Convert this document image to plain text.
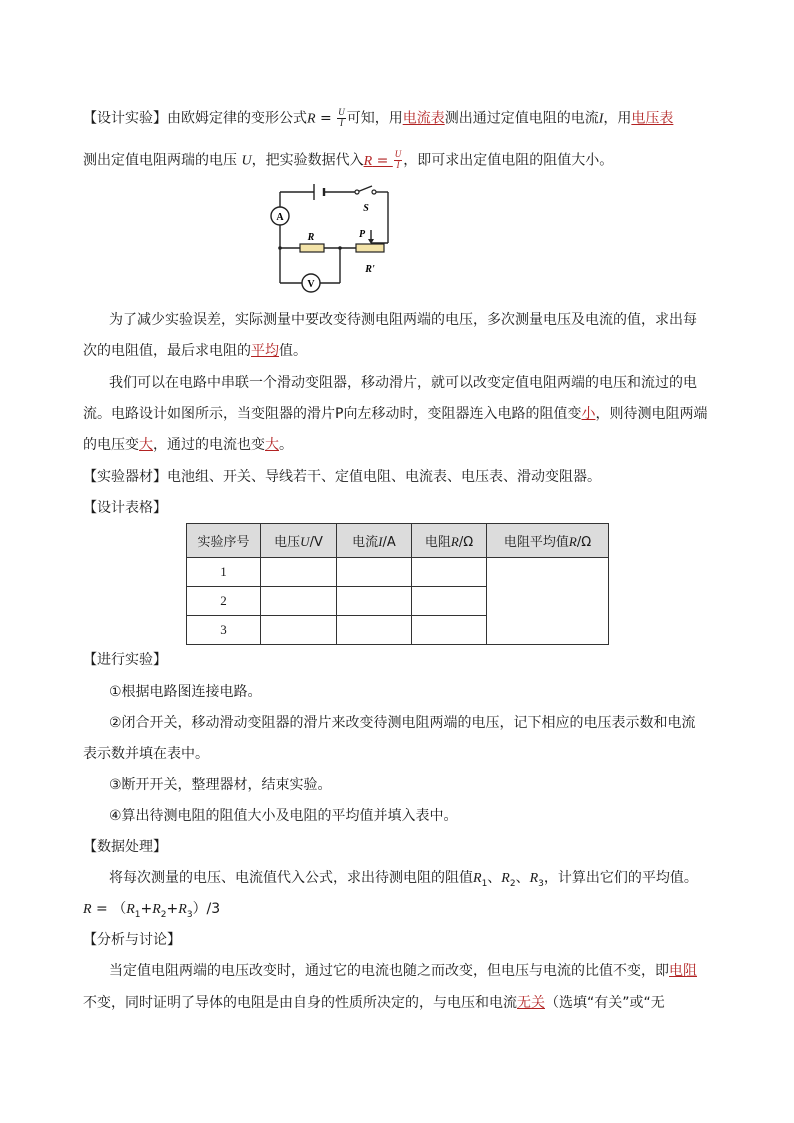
【设计实验】由欧姆定律的变形公式$R = \frac{U}{I}$ 可知，用电流表测出通过定值电阻的电流I，用电压表
测出定值电阻两瑞的电压 U，把实验数据代入$R = \frac{U}{I}$ ，即可求出定值电阻的阻值大小。
A
R	P
S
R'
V
为了减少实验误差，实际测量中要改变待测电阻两端的电压，多次测量电压及电流的值，求出每
次的电阻值，最后求电阻的平均值。
我们可以在电路中串联一个滑动变阻器，移动滑片，就可以改变定值电阻两端的电压和流过的电
流。电路设计如图所示，当变阻器的滑片P向左移动时，变阻器连入电路的阻值变小，则待测电阻两端
的电压变大，通过的电流也变大。
【实验器材】电池组、开关、导线若干、定值电阻、电流表、电压表、滑动变阻器。
【设计表格】
实验序号	电压U/V	电流I/A	电阻R/Ω	电阻平均值R/Ω
1				
2				
3				
【进行实验】
①根据电路图连接电路。
②闭合开关，移动滑动变阻器的滑片来改变待测电阻两端的电压，记下相应的电压表示数和电流
表示数并填在表中。
③断开开关，整理器材，结束实验。
④算出待测电阻的阻值大小及电阻的平均值并填入表中。
【数据处理】
将每次测量的电压、电流值代入公式，求出待测电阻的阻值$R_1$、$R_2$、$R_3$，计算出它们的平均值。
$R = (R_1+R_2+R_3)/3$
【分析与讨论】
当定值电阻两端的电压改变时，通过它的电流也随之而改变，但电压与电流的比值不变，即电阻
不变，同时证明了导体的电阻是由自身的性质所决定的，与电压和电流无关（选填“有关”或“无
